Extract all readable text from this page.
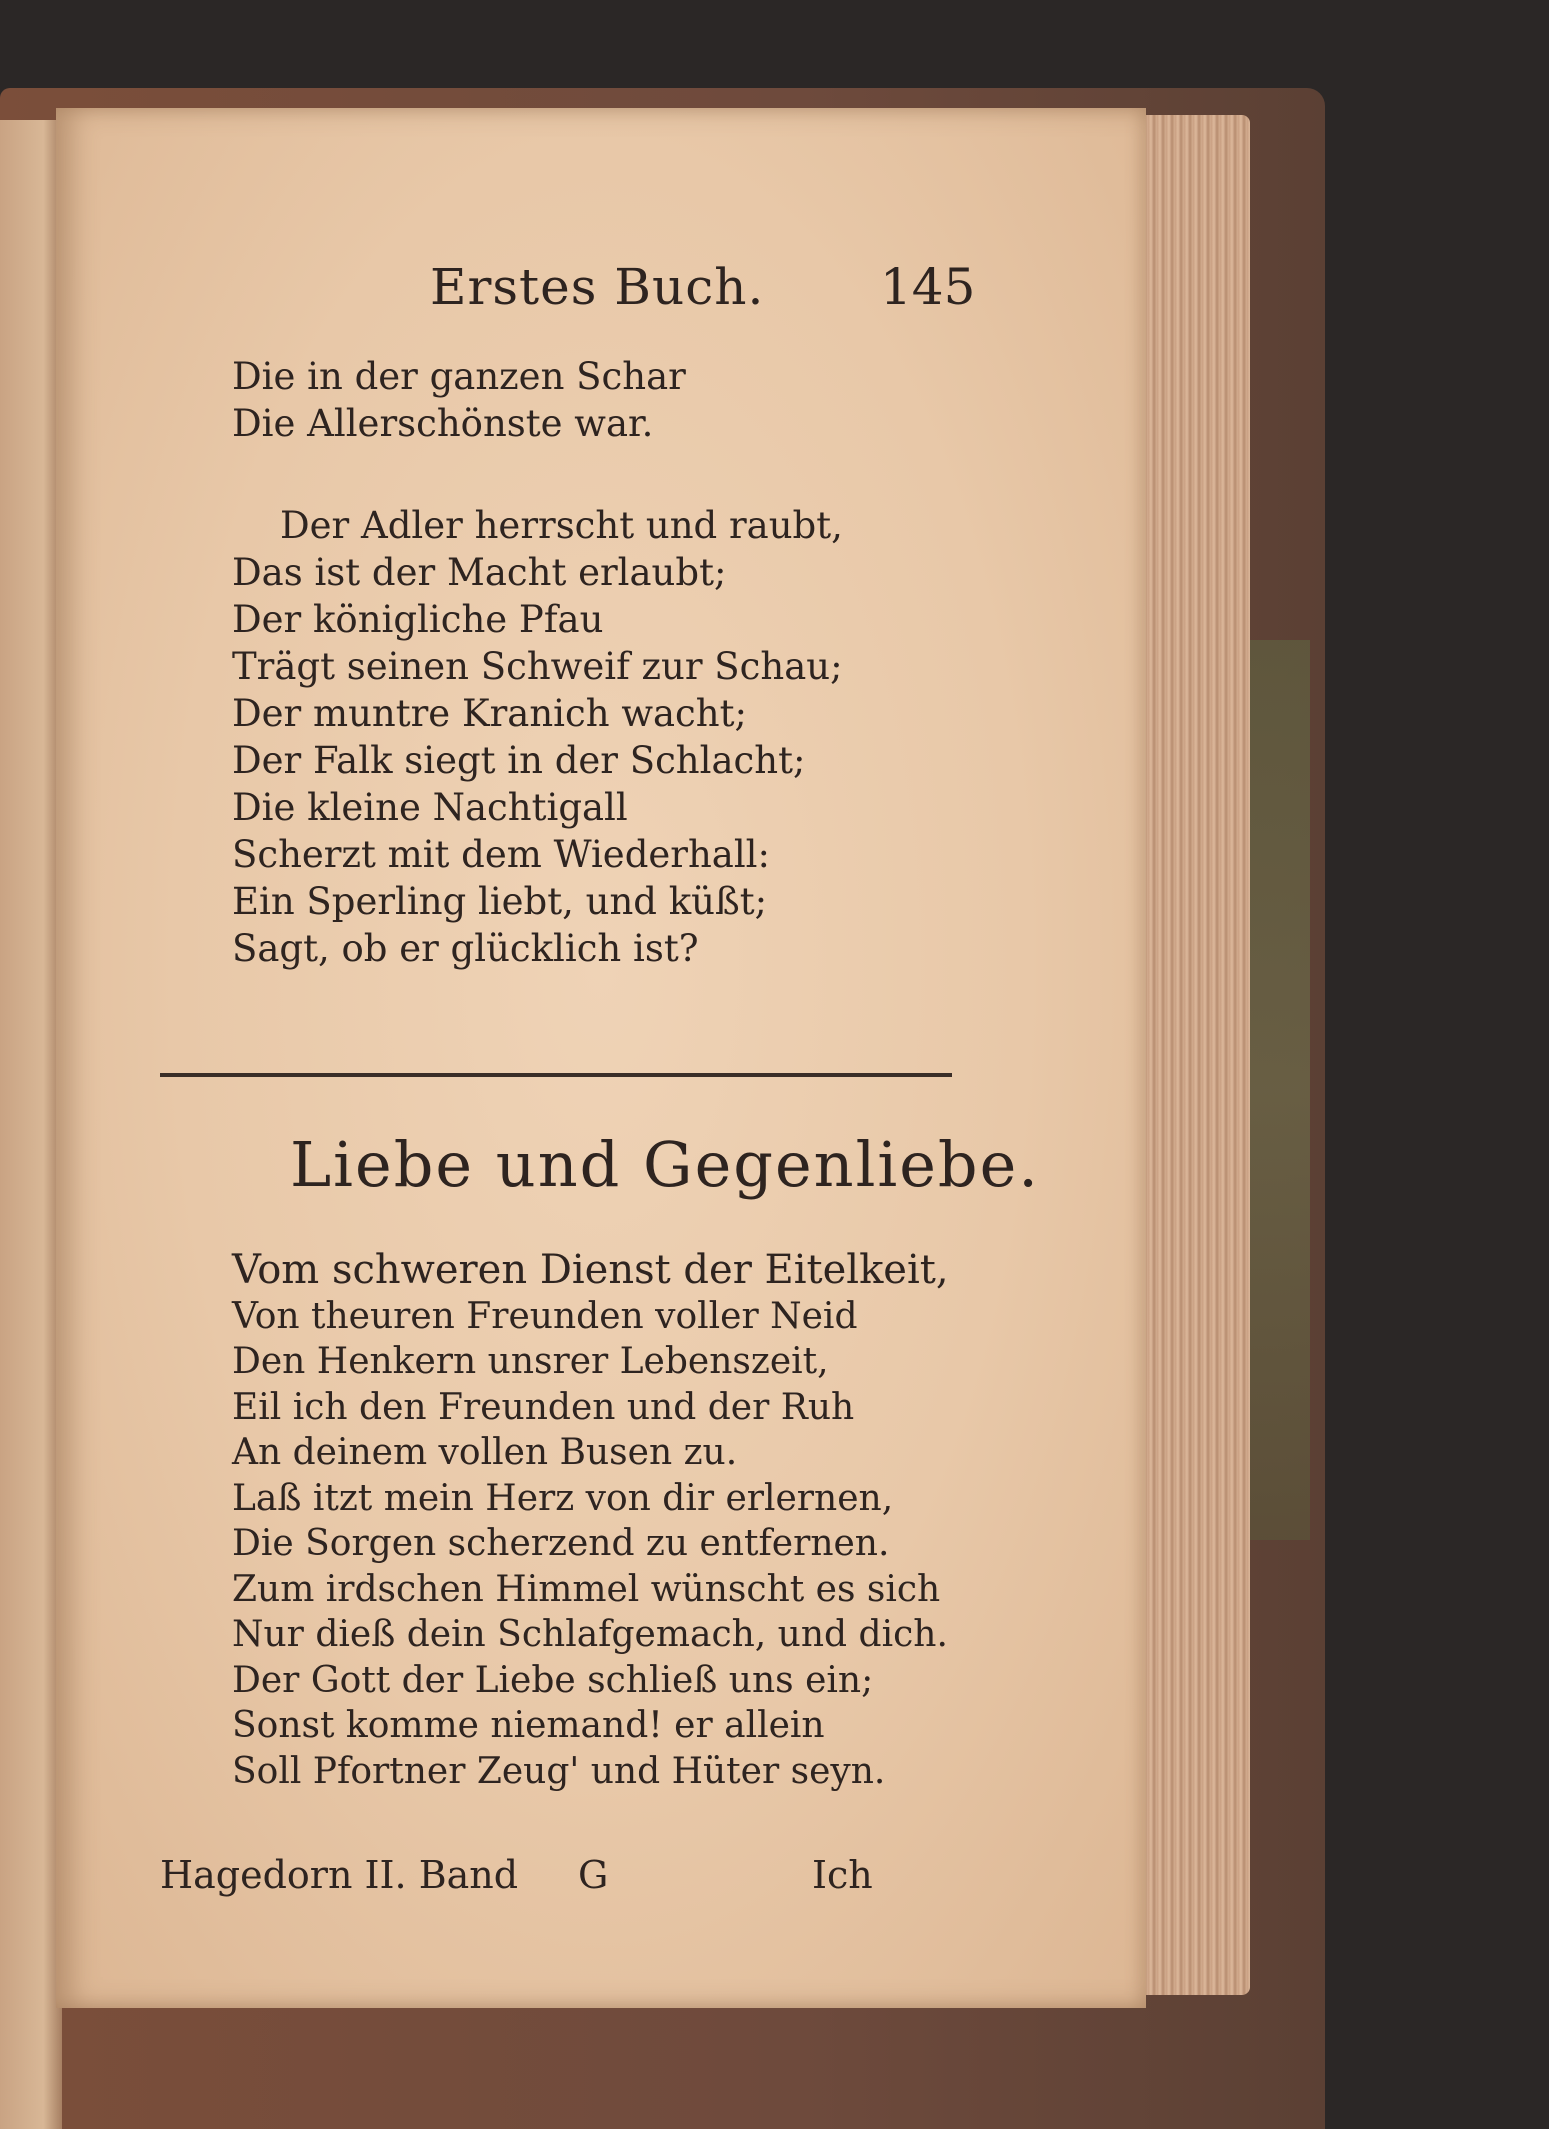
Erstes Buch. 145
Die in der ganzen Schar
Die Allerschönste war.
Der Adler herrscht und raubt,
Das ist der Macht erlaubt;
Der königliche Pfau
Trägt seinen Schweif zur Schau;
Der muntre Kranich wacht;
Der Falk siegt in der Schlacht;
Die kleine Nachtigall
Scherzt mit dem Wiederhall:
Ein Sperling liebt, und küßt;
Sagt, ob er glücklich ist?
Liebe und Gegenliebe.
Vom schweren Dienst der Eitelkeit,
Von theuren Freunden voller Neid
Den Henkern unsrer Lebenszeit,
Eil ich den Freunden und der Ruh
An deinem vollen Busen zu.
Laß itzt mein Herz von dir erlernen,
Die Sorgen scherzend zu entfernen.
Zum irdschen Himmel wünscht es sich
Nur dieß dein Schlafgemach, und dich.
Der Gott der Liebe schließ uns ein;
Sonst komme niemand! er allein
Soll Pfortner Zeug' und Hüter seyn.
Hagedorn II. Band G	Ich
